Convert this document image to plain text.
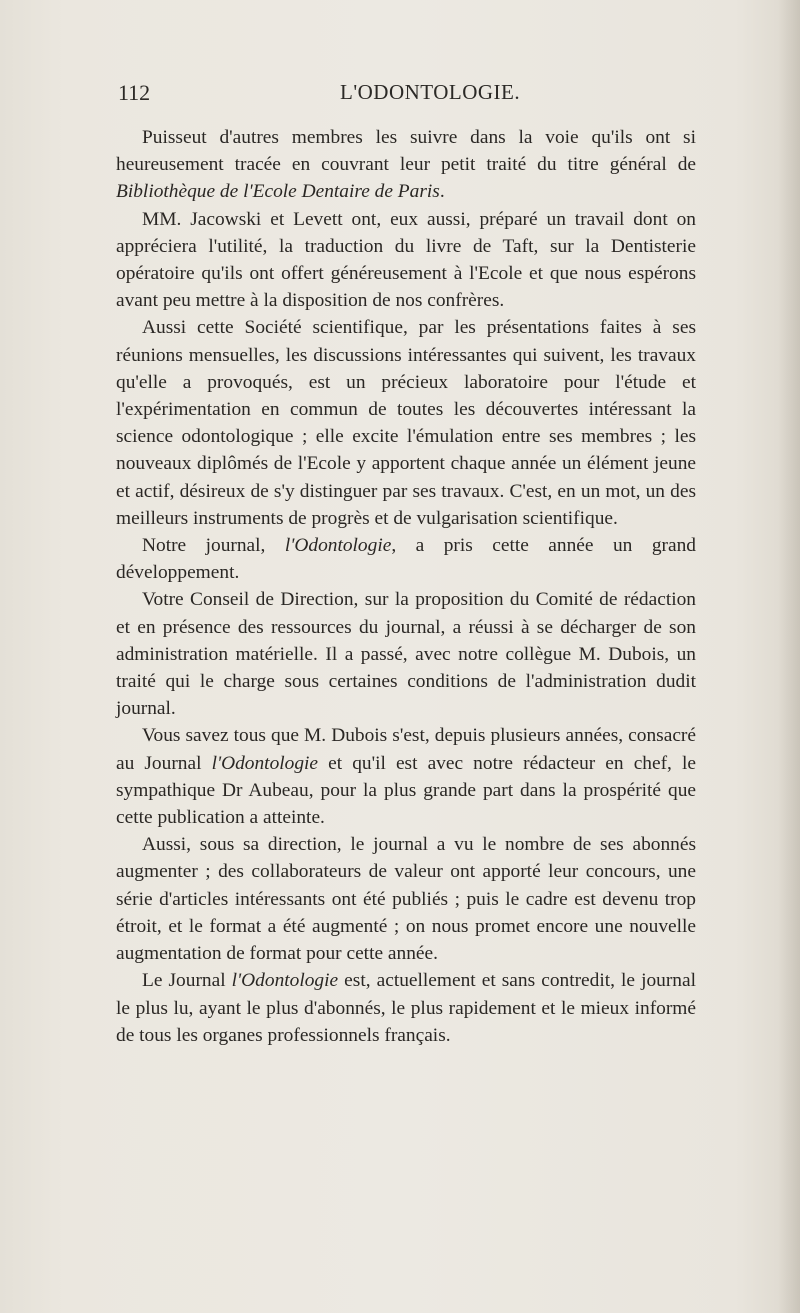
112	L'ODONTOLOGIE.

Puisseut d'autres membres les suivre dans la voie qu'ils ont si heureusement tracée en couvrant leur petit traité du titre général de Bibliothèque de l'Ecole Dentaire de Paris.

MM. Jacowski et Levett ont, eux aussi, préparé un travail dont on appréciera l'utilité, la traduction du livre de Taft, sur la Dentisterie opératoire qu'ils ont offert généreusement à l'Ecole et que nous espérons avant peu mettre à la disposition de nos confrères.

Aussi cette Société scientifique, par les présentations faites à ses réunions mensuelles, les discussions intéressantes qui suivent, les travaux qu'elle a provoqués, est un précieux laboratoire pour l'étude et l'expérimentation en commun de toutes les découvertes intéressant la science odontologique ; elle excite l'émulation entre ses membres ; les nouveaux diplômés de l'Ecole y apportent chaque année un élément jeune et actif, désireux de s'y distinguer par ses travaux. C'est, en un mot, un des meilleurs instruments de progrès et de vulgarisation scientifique.

Notre journal, l'Odontologie, a pris cette année un grand développement.

Votre Conseil de Direction, sur la proposition du Comité de rédaction et en présence des ressources du journal, a réussi à se décharger de son administration matérielle. Il a passé, avec notre collègue M. Dubois, un traité qui le charge sous certaines conditions de l'administration dudit journal.

Vous savez tous que M. Dubois s'est, depuis plusieurs années, consacré au Journal l'Odontologie et qu'il est avec notre rédacteur en chef, le sympathique Dr Aubeau, pour la plus grande part dans la prospérité que cette publication a atteinte.

Aussi, sous sa direction, le journal a vu le nombre de ses abonnés augmenter ; des collaborateurs de valeur ont apporté leur concours, une série d'articles intéressants ont été publiés ; puis le cadre est devenu trop étroit, et le format a été augmenté ; on nous promet encore une nouvelle augmentation de format pour cette année.

Le Journal l'Odontologie est, actuellement et sans contredit, le journal le plus lu, ayant le plus d'abonnés, le plus rapidement et le mieux informé de tous les organes professionnels français.
